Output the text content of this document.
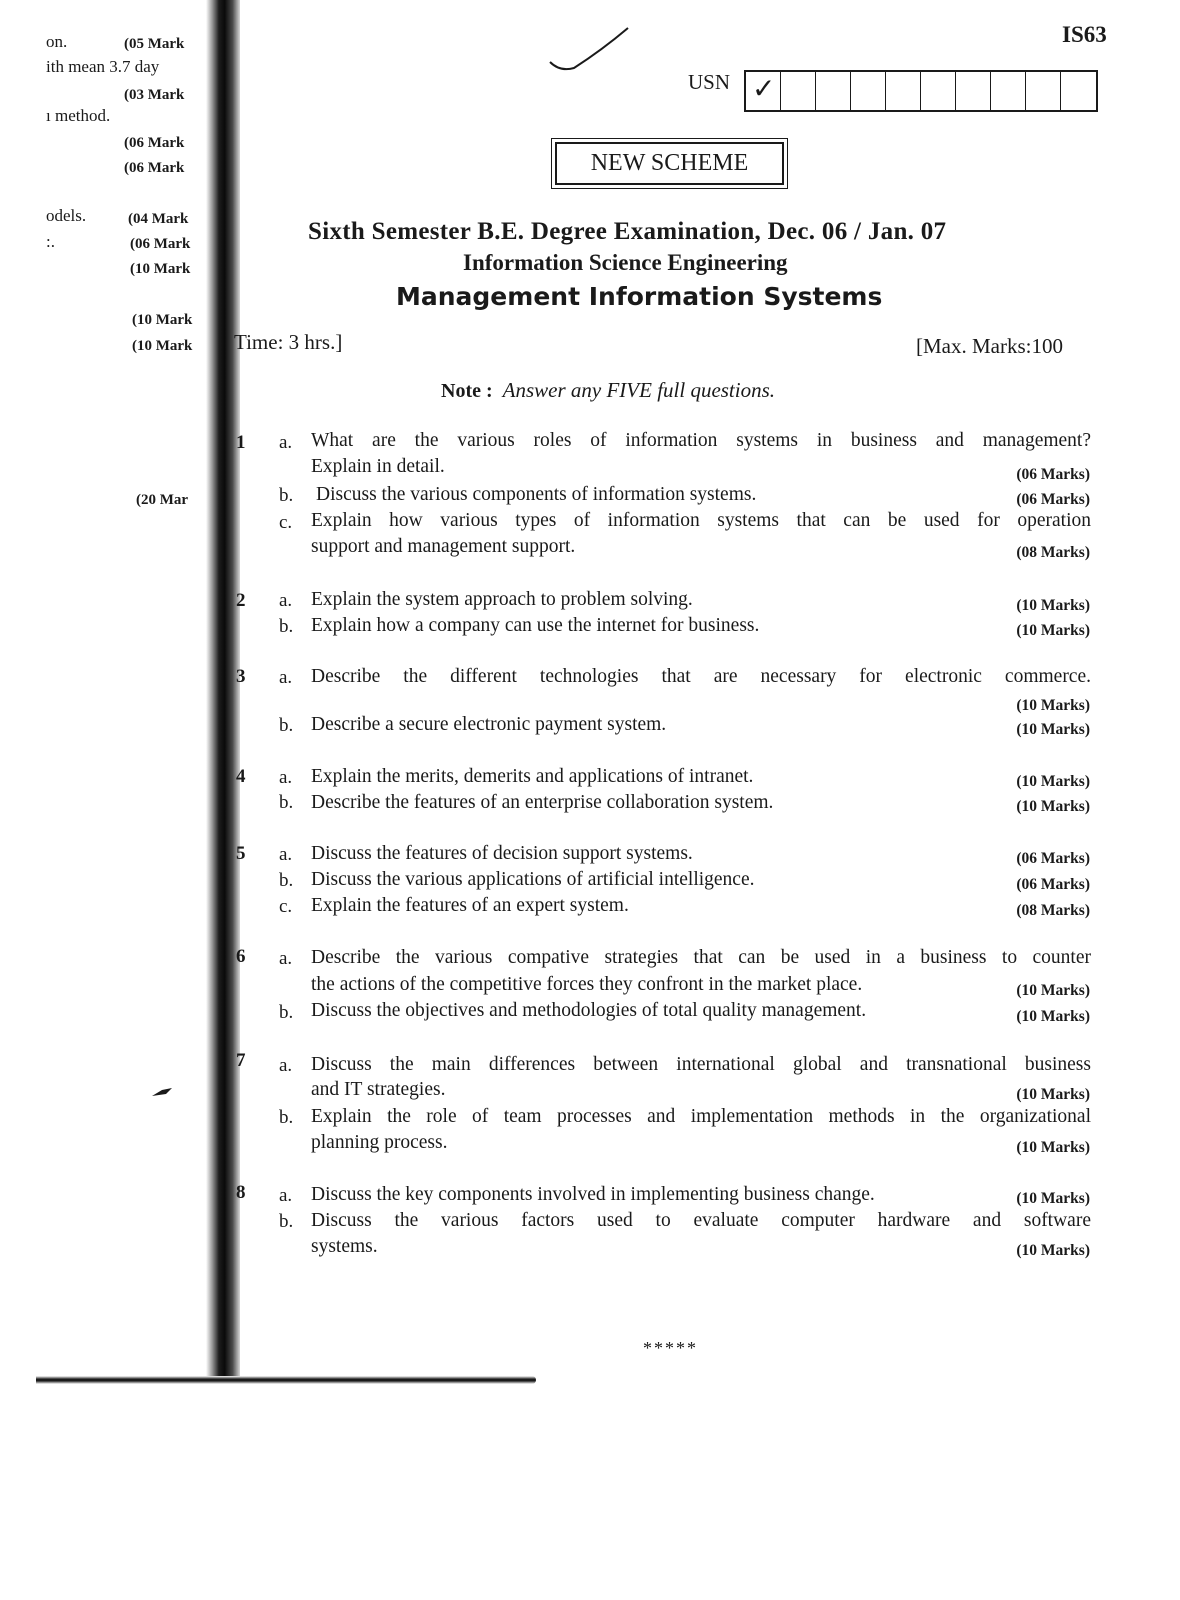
on.	(05 Mark
ith mean 3.7 day
(03 Mark
ı method.
(06 Mark
(06 Mark
odels.	(04 Mark
:.	(06 Mark
(10 Mark
(10 Mark
(10 Mark
(20 Mar
IS63
USN ✓
NEW SCHEME
Sixth Semester B.E. Degree Examination, Dec. 06 / Jan. 07
Information Science Engineering
Management Information Systems
Time: 3 hrs.]	[Max. Marks:100
Note : Answer any FIVE full questions.
1 a. What are the various roles of information systems in business and management?
Explain in detail.	(06 Marks)
b. Discuss the various components of information systems.	(06 Marks)
c. Explain how various types of information systems that can be used for operation
support and management support.	(08 Marks)
2 a. Explain the system approach to problem solving.	(10 Marks)
b. Explain how a company can use the internet for business.	(10 Marks)
3 a. Describe the different technologies that are necessary for electronic commerce.
(10 Marks)
b. Describe a secure electronic payment system.	(10 Marks)
4 a. Explain the merits, demerits and applications of intranet.	(10 Marks)
b. Describe the features of an enterprise collaboration system.	(10 Marks)
5 a. Discuss the features of decision support systems.	(06 Marks)
b. Discuss the various applications of artificial intelligence.	(06 Marks)
c. Explain the features of an expert system.	(08 Marks)
6 a. Describe the various compative strategies that can be used in a business to counter
the actions of the competitive forces they confront in the market place.	(10 Marks)
b. Discuss the objectives and methodologies of total quality management.	(10 Marks)
7 a. Discuss the main differences between international global and transnational business
and IT strategies.	(10 Marks)
b. Explain the role of team processes and implementation methods in the organizational
planning process.	(10 Marks)
8 a. Discuss the key components involved in implementing business change.	(10 Marks)
b. Discuss the various factors used to evaluate computer hardware and software
systems.	(10 Marks)
*****
